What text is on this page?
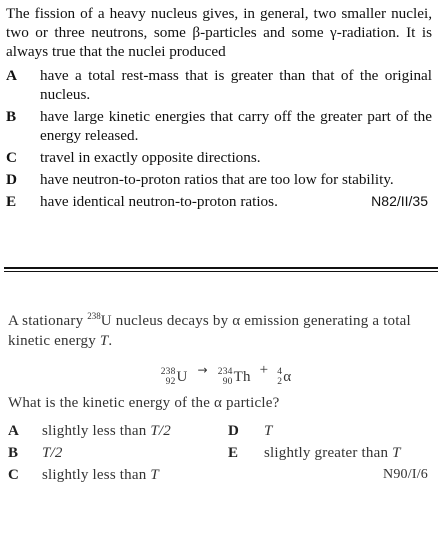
The fission of a heavy nucleus gives, in general, two smaller nuclei, two or three neutrons, some β-particles and some γ-radiation. It is always true that the nuclei produced

A	have a total rest-mass that is greater than that of the original nucleus.
B	have large kinetic energies that carry off the greater part of the energy released.
C	travel in exactly opposite directions.
D	have neutron-to-proton ratios that are too low for stability.
E	have identical neutron-to-proton ratios.	N82/II/35

A stationary $^{238}$U nucleus decays by α emission generating a total kinetic energy T.

238
92 U → 234
90 Th + 4
2 α

What is the kinetic energy of the α particle?

A	slightly less than T/2	D	T
B	T/2	E	slightly greater than T
C	slightly less than T	N90/I/6
